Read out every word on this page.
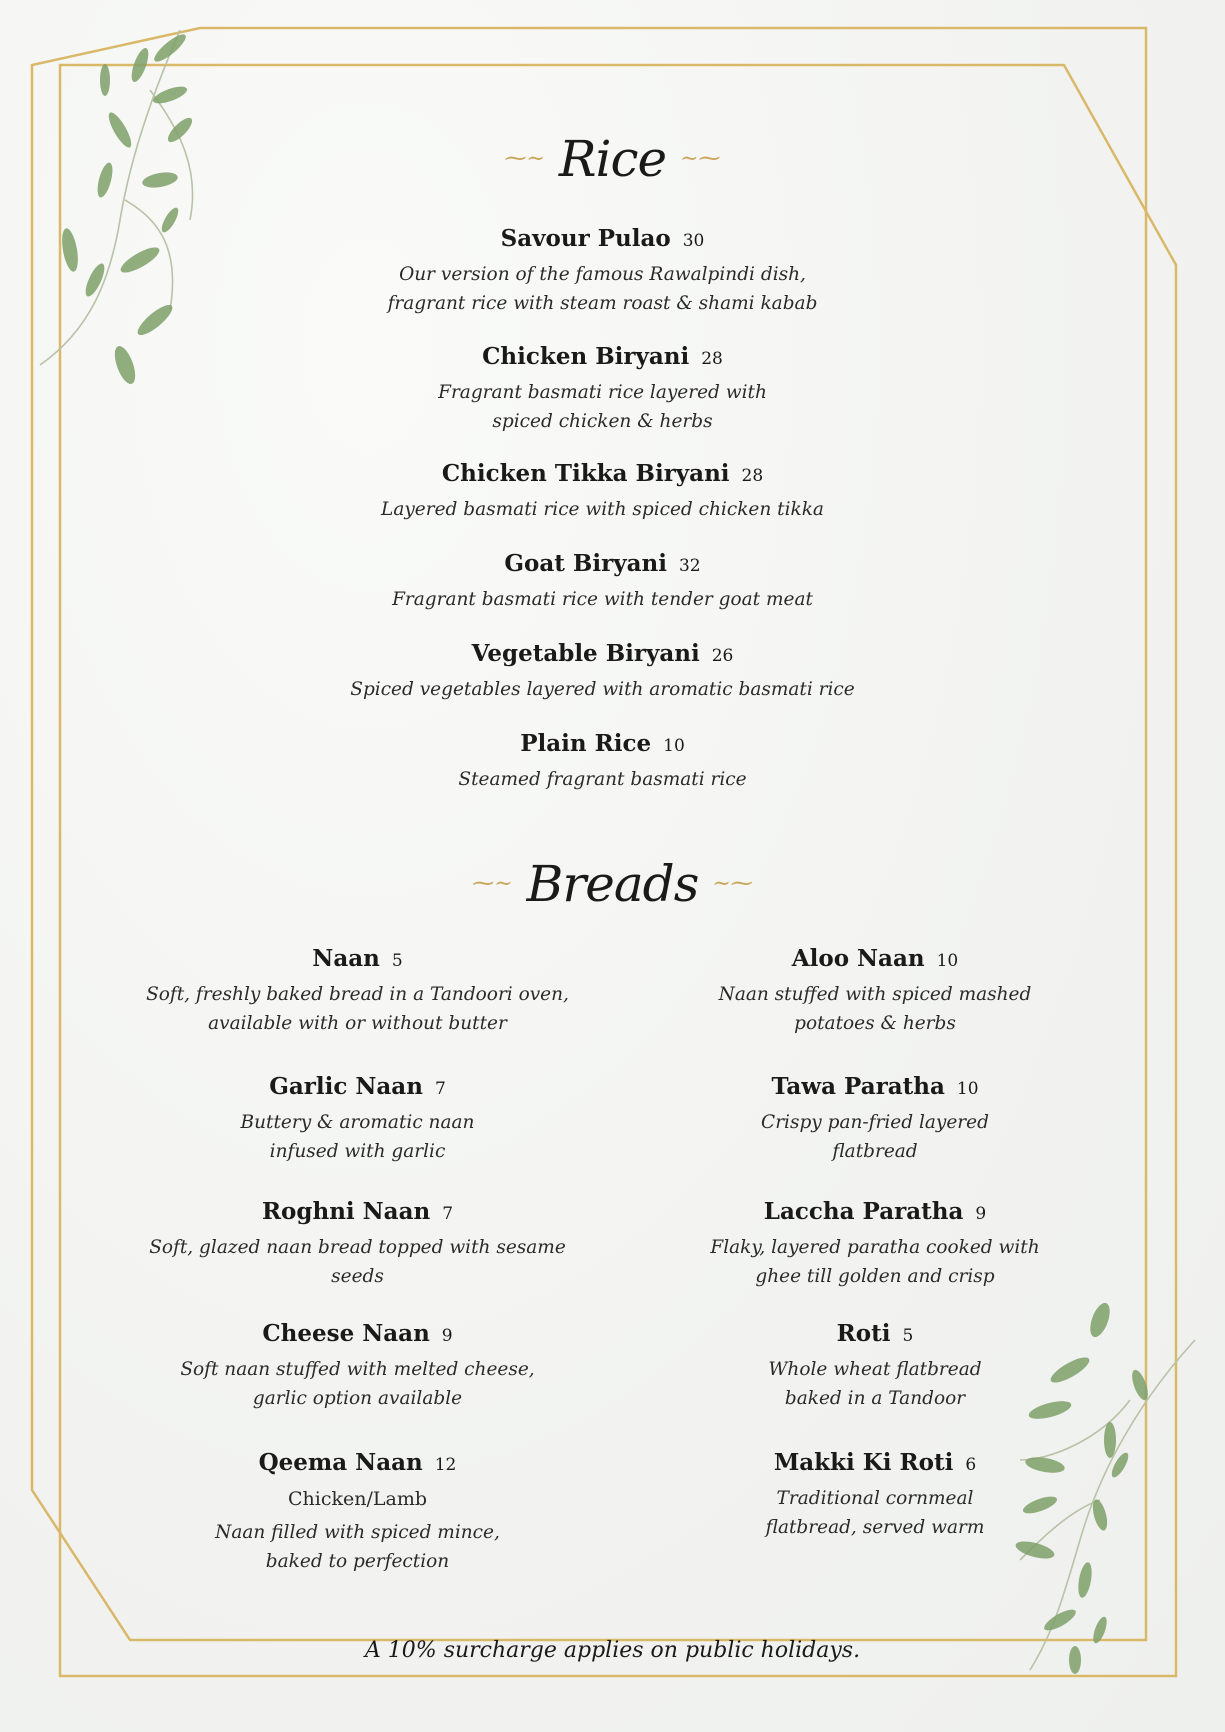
⁓~ Rice ~⁓
Savour Pulao 30
Our version of the famous Rawalpindi dish,
fragrant rice with steam roast & shami kabab
Chicken Biryani 28
Fragrant basmati rice layered with
spiced chicken & herbs
Chicken Tikka Biryani 28
Layered basmati rice with spiced chicken tikka
Goat Biryani 32
Fragrant basmati rice with tender goat meat
Vegetable Biryani 26
Spiced vegetables layered with aromatic basmati rice
Plain Rice 10
Steamed fragrant basmati rice
⁓~ Breads ~⁓
Naan 5
Soft, freshly baked bread in a Tandoori oven,
available with or without butter
Garlic Naan 7
Buttery & aromatic naan
infused with garlic
Roghni Naan 7
Soft, glazed naan bread topped with sesame
seeds
Cheese Naan 9
Soft naan stuffed with melted cheese,
garlic option available
Qeema Naan 12
Chicken/Lamb
Naan filled with spiced mince,
baked to perfection
Aloo Naan 10
Naan stuffed with spiced mashed
potatoes & herbs
Tawa Paratha 10
Crispy pan-fried layered
flatbread
Laccha Paratha 9
Flaky, layered paratha cooked with
ghee till golden and crisp
Roti 5
Whole wheat flatbread
baked in a Tandoor
Makki Ki Roti 6
Traditional cornmeal
flatbread, served warm
A 10% surcharge applies on public holidays.
